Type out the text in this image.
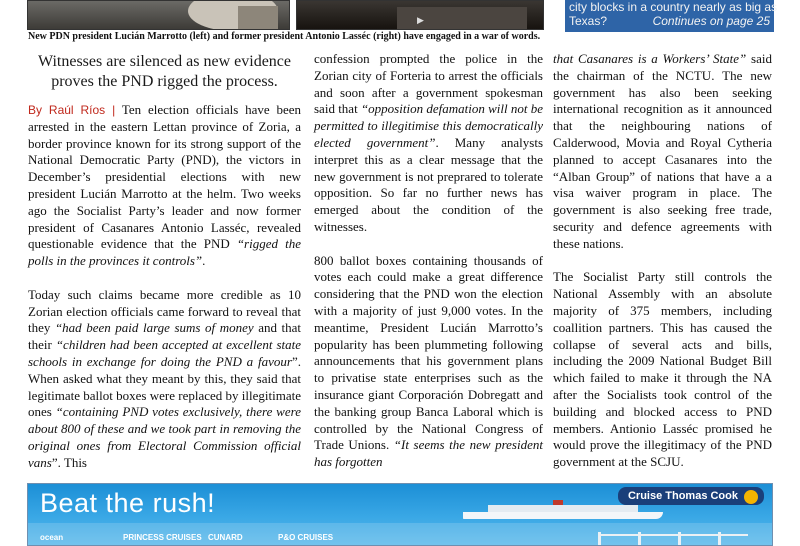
▶
city blocks in a country nearly as big as
Texas?	Continues on page 25
New PDN president Lucián Marrotto (left) and former president Antonio Lasséc (right) have engaged in a war of words.
Witnesses are silenced as new evidence proves the PND rigged the process.

By Raúl Ríos | Ten election officials have been arrested in the eastern Lettan province of Zoria, a border province known for its strong support of the National Democratic Party (PND), the victors in December’s presidential elections with new president Lucián Marrotto at the helm. Two weeks ago the Socialist Party’s leader and now former president of Casanares Antonio Lasséc, revealed questionable evidence that the PND “rigged the polls in the provinces it controls”.

Today such claims became more credible as 10 Zorian election officials came forward to reveal that they “had been paid large sums of money and that their “children had been accepted at excellent state schools in exchange for doing the PND a favour”. When asked what they meant by this, they said that legitimate ballot boxes were replaced by illegitimate ones “containing PND votes exclusively, there were about 800 of these and we took part in removing the original ones from Electoral Commission official vans”. This

confession prompted the police in the Zorian city of Forteria to arrest the officials and soon after a government spokesman said that “opposition defamation will not be permitted to illegitimise this democratically elected government”. Many analysts interpret this as a clear message that the new government is not preprared to tolerate opposition. So far no further news has emerged about the condition of the witnesses.

800 ballot boxes containing thousands of votes each could make a great difference considering that the PND won the election with a majority of just 9,000 votes. In the meantime, President Lucián Marrotto’s popularity has been plummeting following announcements that his government plans to privatise state enterprises such as the insurance giant Corporación Dobregatt and the banking group Banca Laboral which is controlled by the National Congress of Trade Unions. “It seems the new president has forgotten

that Casanares is a Workers’ State” said the chairman of the NCTU. The new government has also been seeking international recognition as it announced that the neighbouring nations of Calderwood, Movia and Royal Cytheria planned to accept Casanares into the “Alban Group” of nations that have a a visa waiver program in place. The government is also seeking free trade, security and defence agreements with these nations.

The Socialist Party still controls the National Assembly with an absolute majority of 375 members, including coallition partners. This has caused the collapse of several acts and bills, including the 2009 National Budget Bill which failed to make it through the NA after the Socialists took control of the building and blocked access to PND members. Antionio Lasséc promised he would prove the illegitimacy of the PND government at the SCJU.

Beat the rush!	Cruise Thomas Cook
ocean	PRINCESS CRUISES CUNARD	P&O CRUISES
